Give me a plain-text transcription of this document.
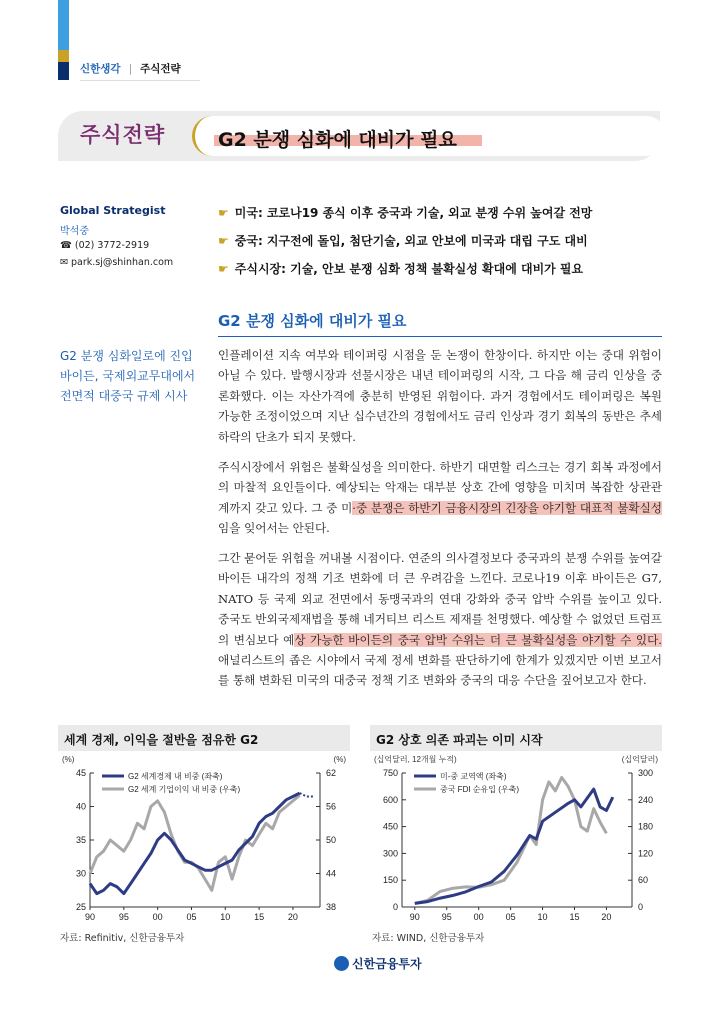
신한생각 | 주식전략
주식전략	G2 분쟁 심화에 대비가 필요
Global Strategist
박석중
☎ (02) 3772-2919
✉ park.sj@shinhan.com
☛ 미국: 코로나19 종식 이후 중국과 기술, 외교 분쟁 수위 높여갈 전망
☛ 중국: 지구전에 돌입, 첨단기술, 외교 안보에 미국과 대립 구도 대비
☛ 주식시장: 기술, 안보 분쟁 심화 정책 불확실성 확대에 대비가 필요
G2 분쟁 심화에 대비가 필요
G2 분쟁 심화일로에 진입 바이든, 국제외교무대에서 전면적 대중국 규제 시사
인플레이션 지속 여부와 테이퍼링 시점을 둔 논쟁이 한창이다. 하지만 이는 중대 위험이 아닐 수 있다. 발행시장과 선물시장은 내년 테이퍼링의 시작, 그 다음 해 금리 인상을 중론화했다. 이는 자산가격에 충분히 반영된 위험이다. 과거 경험에서도 테이퍼링은 복원 가능한 조정이었으며 지난 십수년간의 경험에서도 금리 인상과 경기 회복의 동반은 추세 하락의 단초가 되지 못했다.
주식시장에서 위험은 불확실성을 의미한다. 하반기 대면할 리스크는 경기 회복 과정에서의 마찰적 요인들이다. 예상되는 악재는 대부분 상호 간에 영향을 미치며 복잡한 상관관계까지 갖고 있다. 그 중 미·중 분쟁은 하반기 금융시장의 긴장을 야기할 대표적 불확실성임을 잊어서는 안된다.
그간 묻어둔 위험을 꺼내볼 시점이다. 연준의 의사결정보다 중국과의 분쟁 수위를 높여갈 바이든 내각의 정책 기조 변화에 더 큰 우려감을 느낀다. 코로나19 이후 바이든은 G7, NATO 등 국제 외교 전면에서 동맹국과의 연대 강화와 중국 압박 수위를 높이고 있다. 중국도 반외국제재법을 통해 네거티브 리스트 제재를 천명했다. 예상할 수 없었던 트럼프의 변심보다 예상 가능한 바이든의 중국 압박 수위는 더 큰 불확실성을 야기할 수 있다. 애널리스트의 좁은 시야에서 국제 정세 변화를 판단하기에 한계가 있겠지만 이번 보고서를 통해 변화된 미국의 대중국 정책 기조 변화와 중국의 대응 수단을 짚어보고자 한다.
세계 경제, 이익을 절반을 점유한 G2
(%)	(%)
45
40
35
30
25
62
56
50
44
38
90	95	00	05	10	15	20
G2 세계경제 내 비중 (좌축)
G2 세계 기업이익 내 비중 (우축)
자료: Refinitiv, 신한금융투자
G2 상호 의존 파괴는 이미 시작
(십억달러, 12개월 누적)	(십억달러)
750
600
450
300
150
0
300
240
180
120
60
0
90 95 00 05 10 15 20
미-중 교역액 (좌축)
중국 FDI 순유입 (우축)
자료: WIND, 신한금융투자
신한금융투자
